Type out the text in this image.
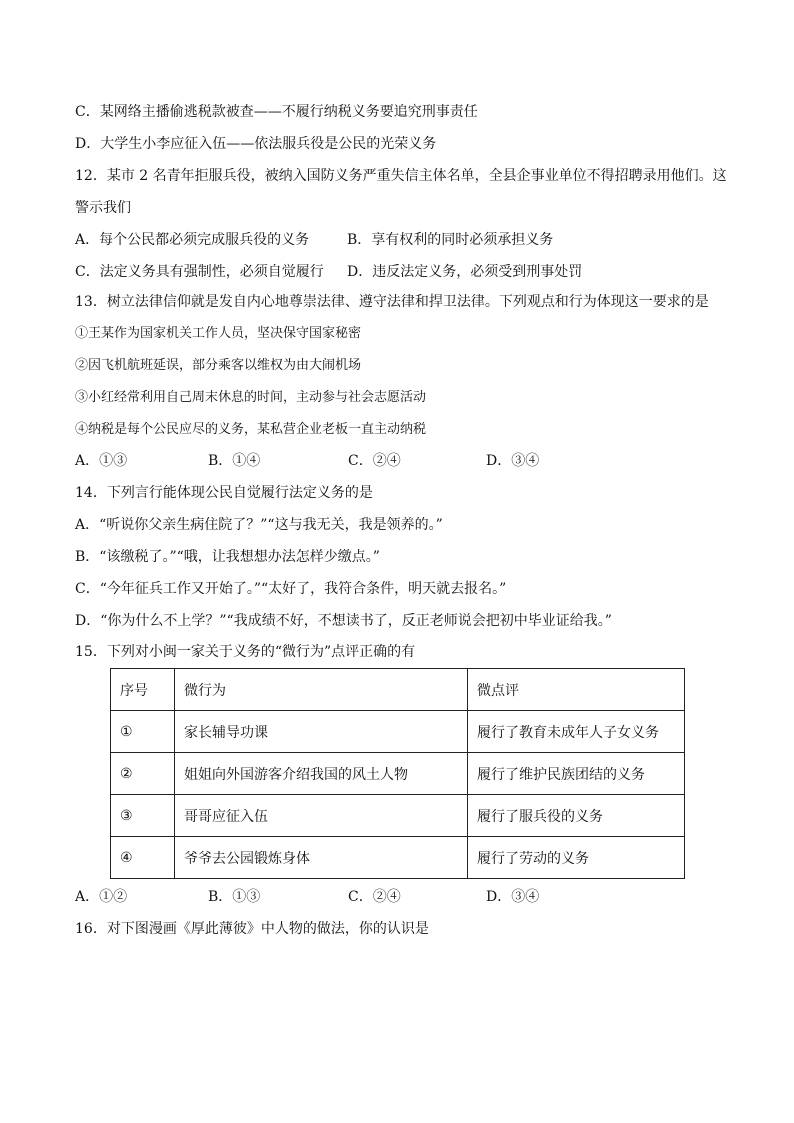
C．某网络主播偷逃税款被查——不履行纳税义务要追究刑事责任
D．大学生小李应征入伍——依法服兵役是公民的光荣义务
12．某市 2 名青年拒服兵役，被纳入国防义务严重失信主体名单，全县企事业单位不得招聘录用他们。这
警示我们
A．每个公民都必须完成服兵役的义务	B．享有权利的同时必须承担义务
C．法定义务具有强制性，必须自觉履行 D．违反法定义务，必须受到刑事处罚
13．树立法律信仰就是发自内心地尊崇法律、遵守法律和捍卫法律。下列观点和行为体现这一要求的是
①王某作为国家机关工作人员，坚决保守国家秘密
②因飞机航班延误，部分乘客以维权为由大闹机场
③小红经常利用自己周末休息的时间，主动参与社会志愿活动
④纳税是每个公民应尽的义务，某私营企业老板一直主动纳税
A．①③	B．①④	C．②④	D．③④
14．下列言行能体现公民自觉履行法定义务的是
A．“听说你父亲生病住院了？”“这与我无关，我是领养的。”
B．“该缴税了。”“哦，让我想想办法怎样少缴点。”
C．“今年征兵工作又开始了。”“太好了，我符合条件，明天就去报名。”
D．“你为什么不上学？”“我成绩不好，不想读书了，反正老师说会把初中毕业证给我。”
15．下列对小闽一家关于义务的“微行为”点评正确的有
序号	微行为	微点评
①	家长辅导功课	履行了教育未成年人子女义务
②	姐姐向外国游客介绍我国的风土人物	履行了维护民族团结的义务
③	哥哥应征入伍	履行了服兵役的义务
④	爷爷去公园锻炼身体	履行了劳动的义务
A．①②	B．①③	C．②④	D．③④
16．对下图漫画《厚此薄彼》中人物的做法，你的认识是
